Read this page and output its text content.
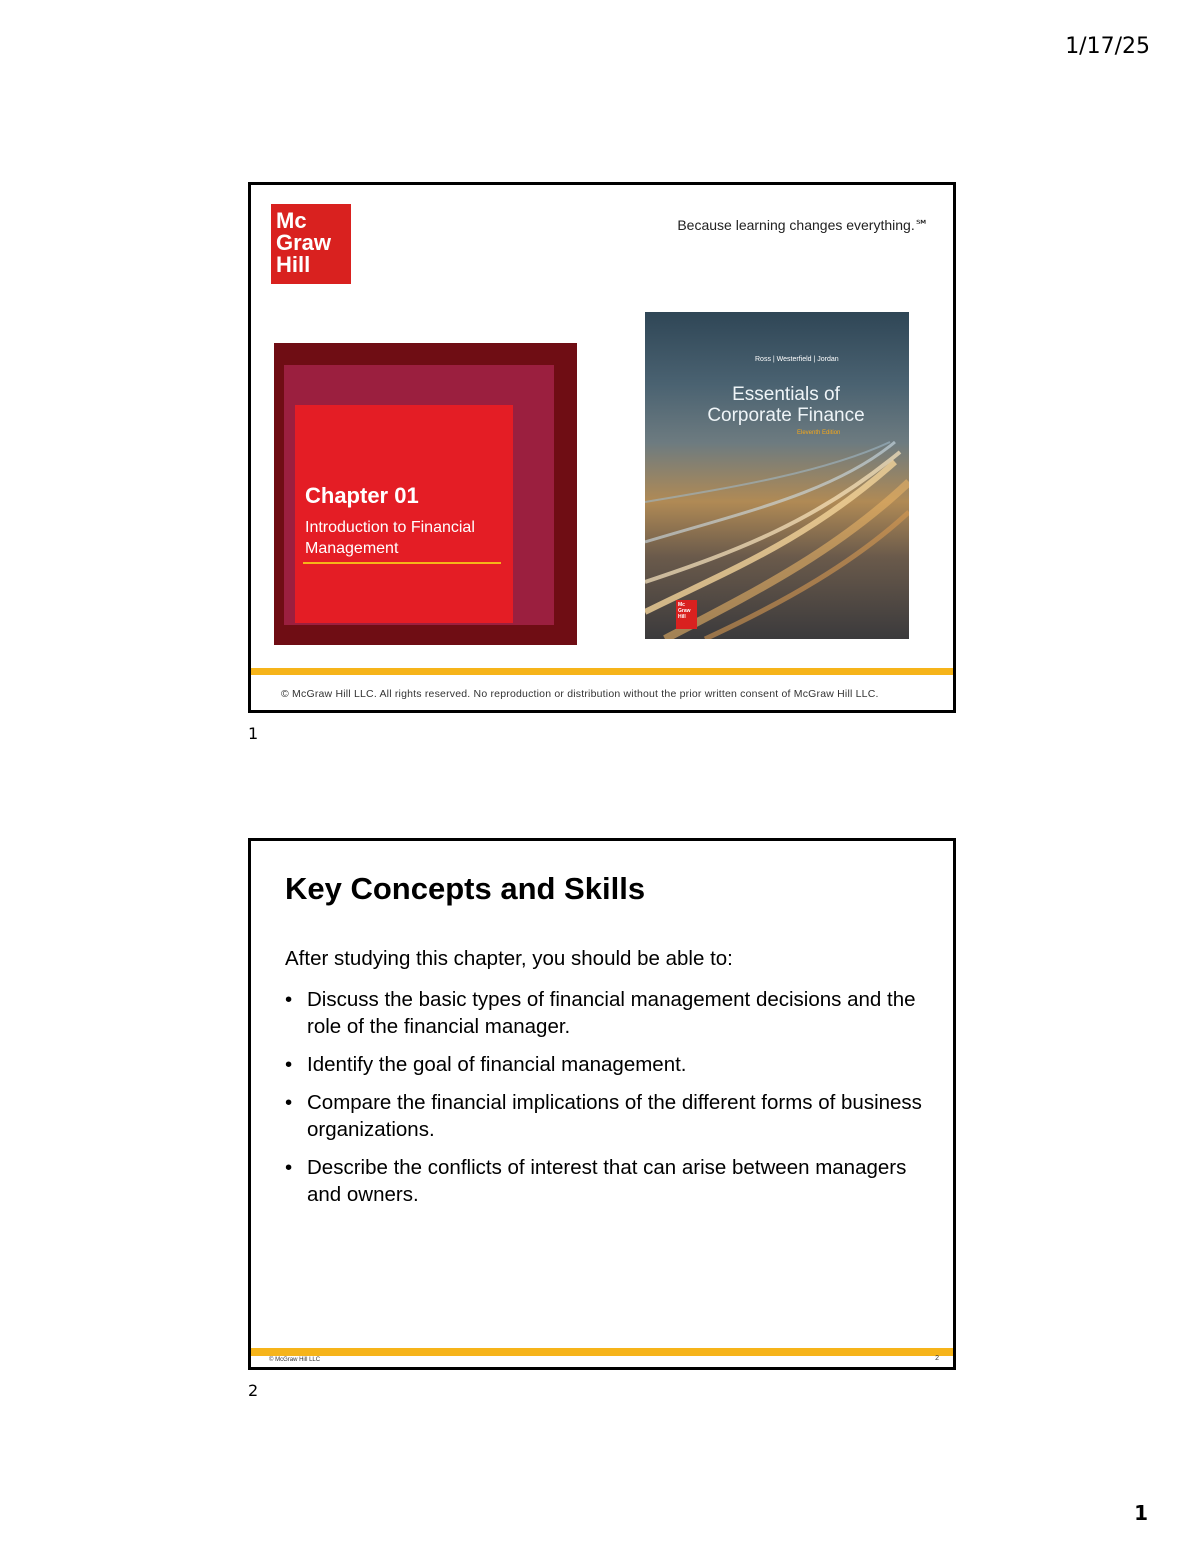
1/17/25
Mc
Graw
Hill
Because learning changes everything.℠
Chapter 01
Introduction to Financial Management
Ross | Westerfield | Jordan
Essentials of
Corporate Finance
Eleventh Edition
Mc Graw Hill
© McGraw Hill LLC. All rights reserved. No reproduction or distribution without the prior written consent of McGraw Hill LLC.
1
Key Concepts and Skills
After studying this chapter, you should be able to:
• Discuss the basic types of financial management decisions and the role of the financial manager.
• Identify the goal of financial management.
• Compare the financial implications of the different forms of business organizations.
• Describe the conflicts of interest that can arise between managers and owners.
© McGraw Hill LLC	2
2
1
